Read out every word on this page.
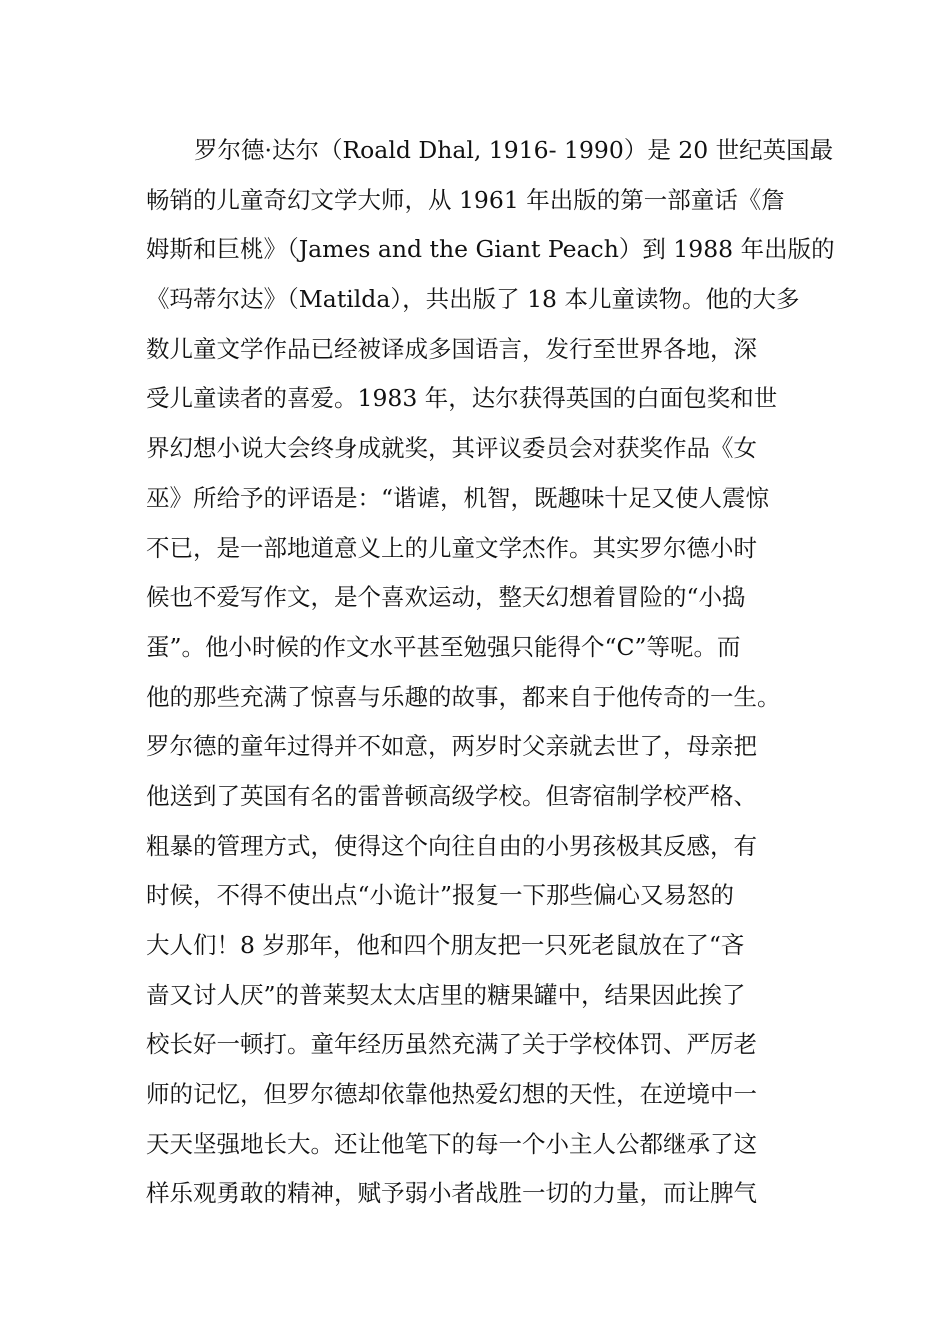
罗尔德·达尔（Roald Dhal, 1916- 1990）是 20 世纪英国最
畅销的儿童奇幻文学大师，从 1961 年出版的第一部童话《詹
姆斯和巨桃》（James and the Giant Peach）到 1988 年出版的
《玛蒂尔达》（Matilda），共出版了 18 本儿童读物。他的大多
数儿童文学作品已经被译成多国语言，发行至世界各地，深
受儿童读者的喜爱。1983 年，达尔获得英国的白面包奖和世
界幻想小说大会终身成就奖，其评议委员会对获奖作品《女
巫》所给予的评语是：“谐谑，机智，既趣味十足又使人震惊
不已，是一部地道意义上的儿童文学杰作。其实罗尔德小时
候也不爱写作文，是个喜欢运动，整天幻想着冒险的“小捣
蛋”。他小时候的作文水平甚至勉强只能得个“C”等呢。而
他的那些充满了惊喜与乐趣的故事，都来自于他传奇的一生。
罗尔德的童年过得并不如意，两岁时父亲就去世了，母亲把
他送到了英国有名的雷普顿高级学校。但寄宿制学校严格、
粗暴的管理方式，使得这个向往自由的小男孩极其反感，有
时候，不得不使出点“小诡计”报复一下那些偏心又易怒的
大人们！8 岁那年，他和四个朋友把一只死老鼠放在了“吝
啬又讨人厌”的普莱契太太店里的糖果罐中，结果因此挨了
校长好一顿打。童年经历虽然充满了关于学校体罚、严厉老
师的记忆，但罗尔德却依靠他热爱幻想的天性，在逆境中一
天天坚强地长大。还让他笔下的每一个小主人公都继承了这
样乐观勇敢的精神，赋予弱小者战胜一切的力量，而让脾气
